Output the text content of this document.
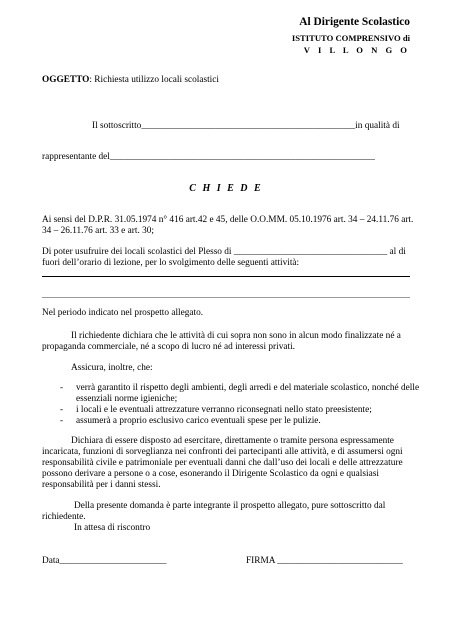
Al Dirigente Scolastico
ISTITUTO COMPRENSIVO di
V I L L O N G O
OGGETTO: Richiesta utilizzo locali scolastici
Il sottoscritto______________________________________________in qualità di
rappresentante del_________________________________________________________
C H I E D E
Ai sensi del D.P.R. 31.05.1974 n° 416 art.42 e 45, delle O.O.MM. 05.10.1976 art. 34 – 24.11.76 art.
34 – 26.11.76 art. 33 e art. 30;
Di poter usufruire dei locali scolastici del Plesso di _________________________________ al di
fuori dell’orario di lezione, per lo svolgimento delle seguenti attività:
Nel periodo indicato nel prospetto allegato.
Il richiedente dichiara che le attività di cui sopra non sono in alcun modo finalizzate né a
propaganda commerciale, né a scopo di lucro né ad interessi privati.
Assicura, inoltre, che:
- verrà garantito il rispetto degli ambienti, degli arredi e del materiale scolastico, nonché delle
essenziali norme igieniche;
- i locali e le eventuali attrezzature verranno riconsegnati nello stato preesistente;
- assumerà a proprio esclusivo carico eventuali spese per le pulizie.
Dichiara di essere disposto ad esercitare, direttamente o tramite persona espressamente
incaricata, funzioni di sorveglianza nei confronti dei partecipanti alle attività, e di assumersi ogni
responsabilità civile e patrimoniale per eventuali danni che dall’uso dei locali e delle attrezzature
possono derivare a persone o a cose, esonerando il Dirigente Scolastico da ogni e qualsiasi
responsabilità per i danni stessi.
Della presente domanda è parte integrante il prospetto allegato, pure sottoscritto dal
richiedente.
In attesa di riscontro
Data_______________________	FIRMA ___________________________
